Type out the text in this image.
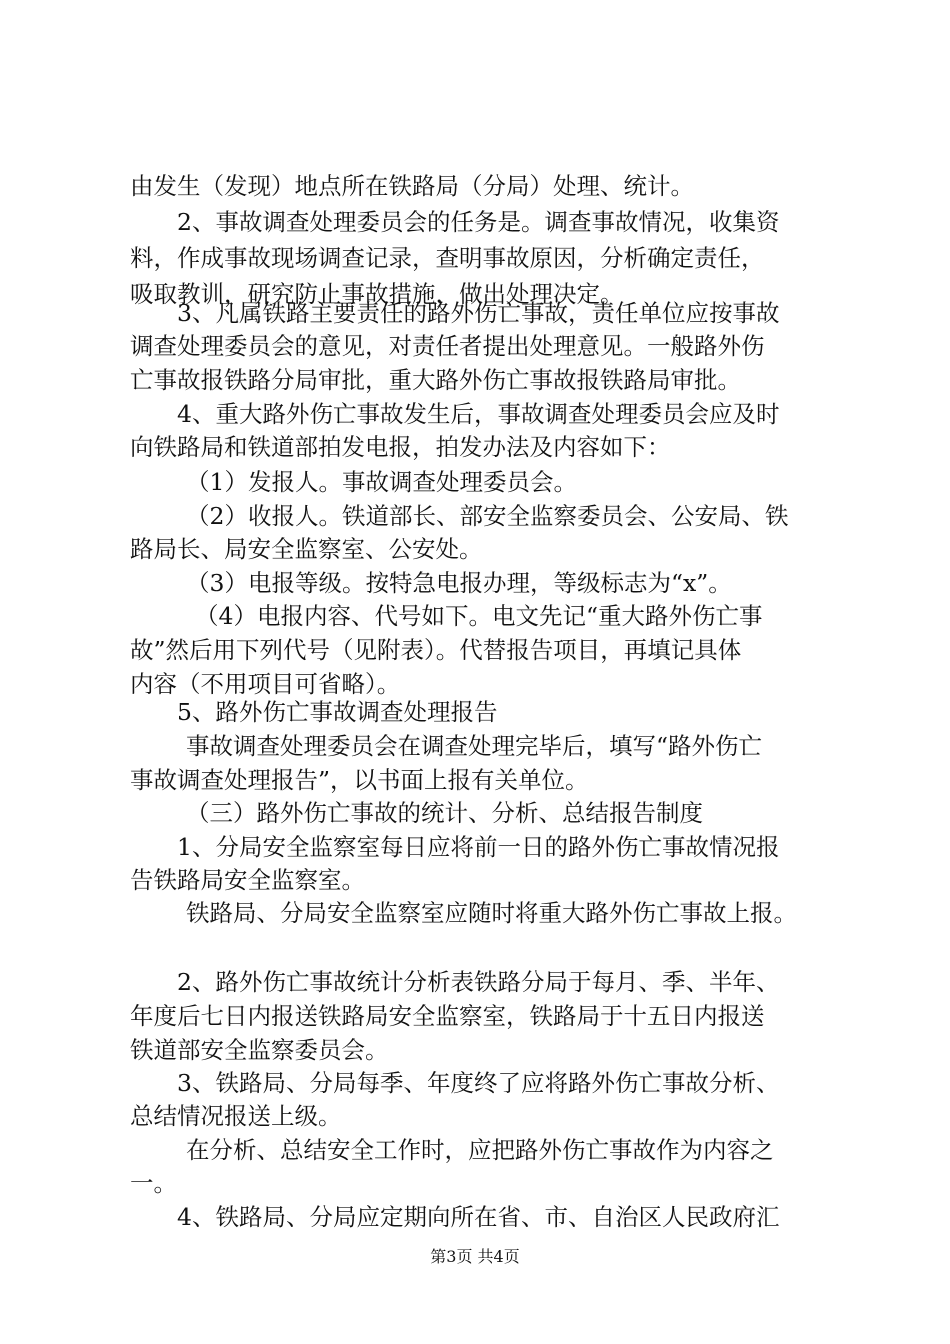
由发生（发现）地点所在铁路局（分局）处理、统计。
2、事故调查处理委员会的任务是。调查事故情况，收集资
料，作成事故现场调查记录，查明事故原因，分析确定责任，
吸取教训，研究防止事故措施，做出处理决定。
3、凡属铁路主要责任的路外伤亡事故，责任单位应按事故
调查处理委员会的意见，对责任者提出处理意见。一般路外伤
亡事故报铁路分局审批，重大路外伤亡事故报铁路局审批。
4、重大路外伤亡事故发生后，事故调查处理委员会应及时
向铁路局和铁道部拍发电报，拍发办法及内容如下：
（1）发报人。事故调查处理委员会。
（2）收报人。铁道部长、部安全监察委员会、公安局、铁
路局长、局安全监察室、公安处。
（3）电报等级。按特急电报办理，等级标志为“x”。
（4）电报内容、代号如下。电文先记“重大路外伤亡事
故”然后用下列代号（见附表）。代替报告项目，再填记具体
内容（不用项目可省略）。
5、路外伤亡事故调查处理报告
事故调查处理委员会在调查处理完毕后，填写“路外伤亡
事故调查处理报告”，以书面上报有关单位。
（三）路外伤亡事故的统计、分析、总结报告制度
1、分局安全监察室每日应将前一日的路外伤亡事故情况报
告铁路局安全监察室。
铁路局、分局安全监察室应随时将重大路外伤亡事故上报。
2、路外伤亡事故统计分析表铁路分局于每月、季、半年、
年度后七日内报送铁路局安全监察室，铁路局于十五日内报送
铁道部安全监察委员会。
3、铁路局、分局每季、年度终了应将路外伤亡事故分析、
总结情况报送上级。
在分析、总结安全工作时，应把路外伤亡事故作为内容之
一。
4、铁路局、分局应定期向所在省、市、自治区人民政府汇
第3页 共4页
